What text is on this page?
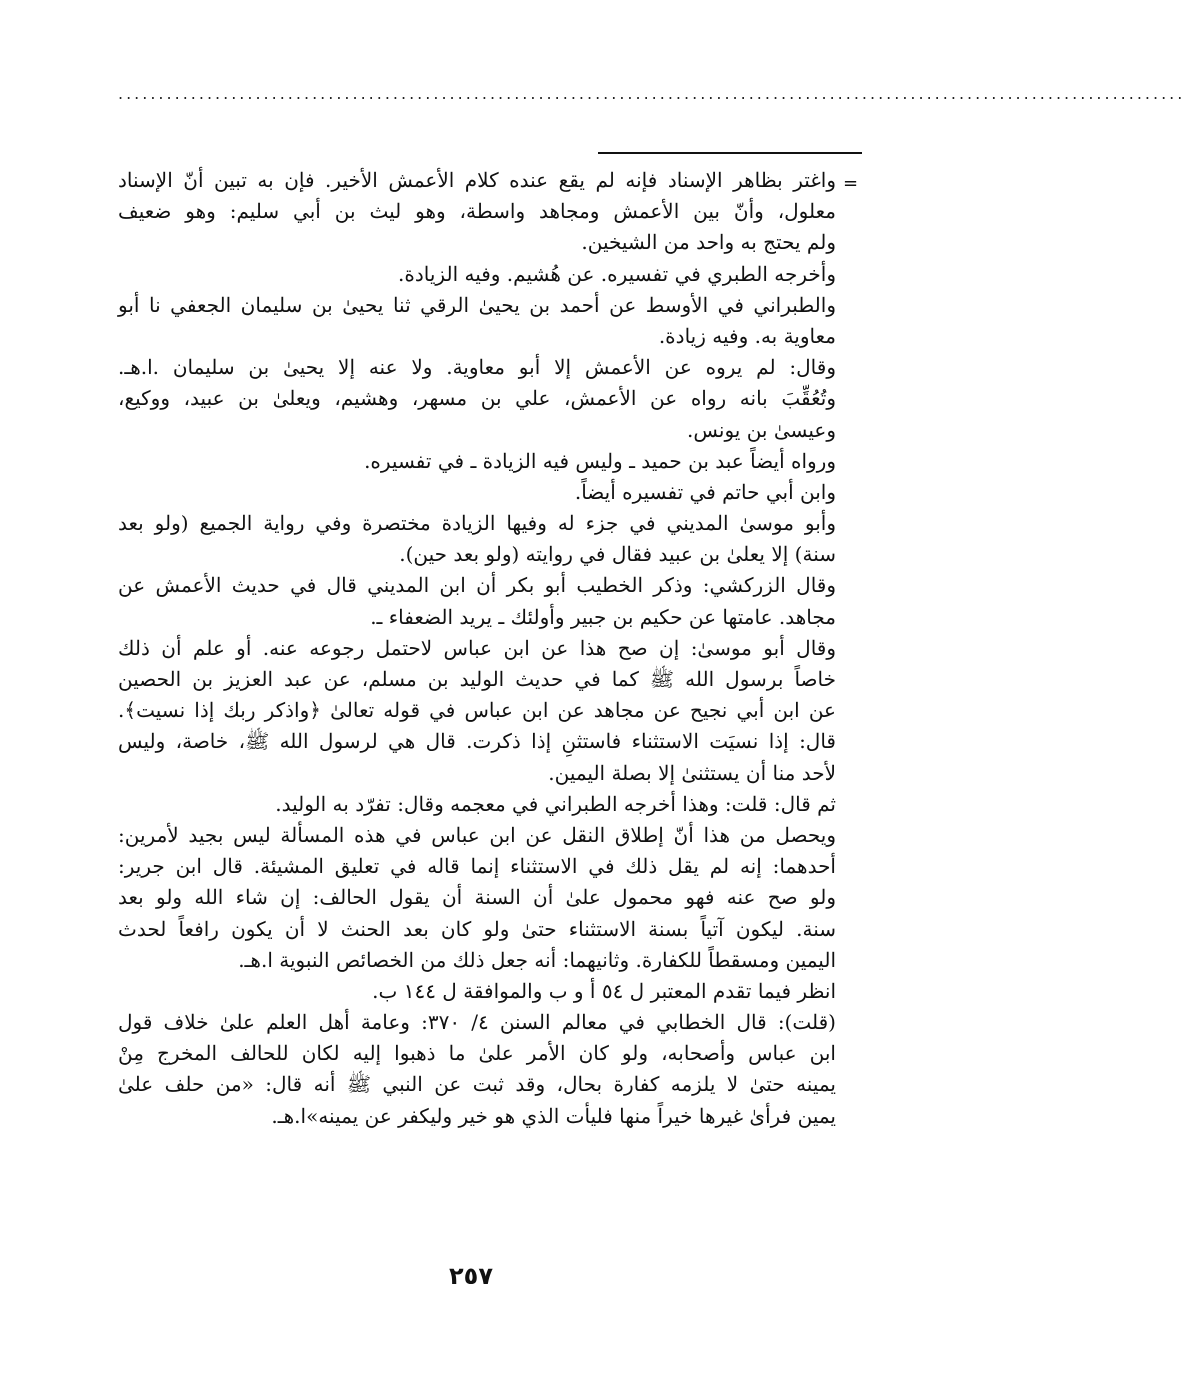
....................................................................................................................................
=
واغتر بظاهر الإسناد فإنه لم يقع عنده كلام الأعمش الأخير. فإن به تبين أنّ الإسناد
معلول، وأنّ بين الأعمش ومجاهد واسطة، وهو ليث بن أبي سليم: وهو ضعيف
ولم يحتج به واحد من الشيخين.
وأخرجه الطبري في تفسيره. عن هُشيم. وفيه الزيادة.
والطبراني في الأوسط عن أحمد بن يحيىٰ الرقي ثنا يحيىٰ بن سليمان الجعفي نا أبو
معاوية به. وفيه زيادة.
وقال: لم يروه عن الأعمش إلا أبو معاوية. ولا عنه إلا يحيىٰ بن سليمان .ا.هـ.
وتُعُقِّبَ بانه رواه عن الأعمش، علي بن مسهر، وهشيم، ويعلىٰ بن عبيد، ووكيع،
وعيسىٰ بن يونس.
ورواه أيضاً عبد بن حميد ـ وليس فيه الزيادة ـ في تفسيره.
وابن أبي حاتم في تفسيره أيضاً.
وأبو موسىٰ المديني في جزء له وفيها الزيادة مختصرة وفي رواية الجميع (ولو بعد
سنة) إلا يعلىٰ بن عبيد فقال في روايته (ولو بعد حين).
وقال الزركشي: وذكر الخطيب أبو بكر أن ابن المديني قال في حديث الأعمش عن
مجاهد. عامتها عن حكيم بن جبير وأولئك ـ يريد الضعفاء ـ.
وقال أبو موسىٰ: إن صح هذا عن ابن عباس لاحتمل رجوعه عنه. أو علم أن ذلك
خاصاً برسول الله ﷺ كما في حديث الوليد بن مسلم، عن عبد العزيز بن الحصين
عن ابن أبي نجيح عن مجاهد عن ابن عباس في قوله تعالىٰ ﴿واذكر ربك إذا نسيت﴾.
قال: إذا نسيَت الاستثناء فاستثنِ إذا ذكرت. قال هي لرسول الله ﷺ، خاصة، وليس
لأحد منا أن يستثنىٰ إلا بصلة اليمين.
ثم قال: قلت: وهذا أخرجه الطبراني في معجمه وقال: تفرّد به الوليد.
ويحصل من هذا أنّ إطلاق النقل عن ابن عباس في هذه المسألة ليس بجيد لأمرين:
أحدهما: إنه لم يقل ذلك في الاستثناء إنما قاله في تعليق المشيئة. قال ابن جرير:
ولو صح عنه فهو محمول علىٰ أن السنة أن يقول الحالف: إن شاء الله ولو بعد
سنة. ليكون آتياً بسنة الاستثناء حتىٰ ولو كان بعد الحنث لا أن يكون رافعاً لحدث
اليمين ومسقطاً للكفارة. وثانيهما: أنه جعل ذلك من الخصائص النبوية ا.هـ.
انظر فيما تقدم المعتبر ل ٥٤ أ و ب والموافقة ل ١٤٤ ب.
(قلت): قال الخطابي في معالم السنن ٤/ ٣٧٠: وعامة أهل العلم علىٰ خلاف قول
ابن عباس وأصحابه، ولو كان الأمر علىٰ ما ذهبوا إليه لكان للحالف المخرج مِنْ
يمينه حتىٰ لا يلزمه كفارة بحال، وقد ثبت عن النبي ﷺ أنه قال: «من حلف علىٰ
يمين فرأىٰ غيرها خيراً منها فليأت الذي هو خير وليكفر عن يمينه»ا.هـ.
٢٥٧
